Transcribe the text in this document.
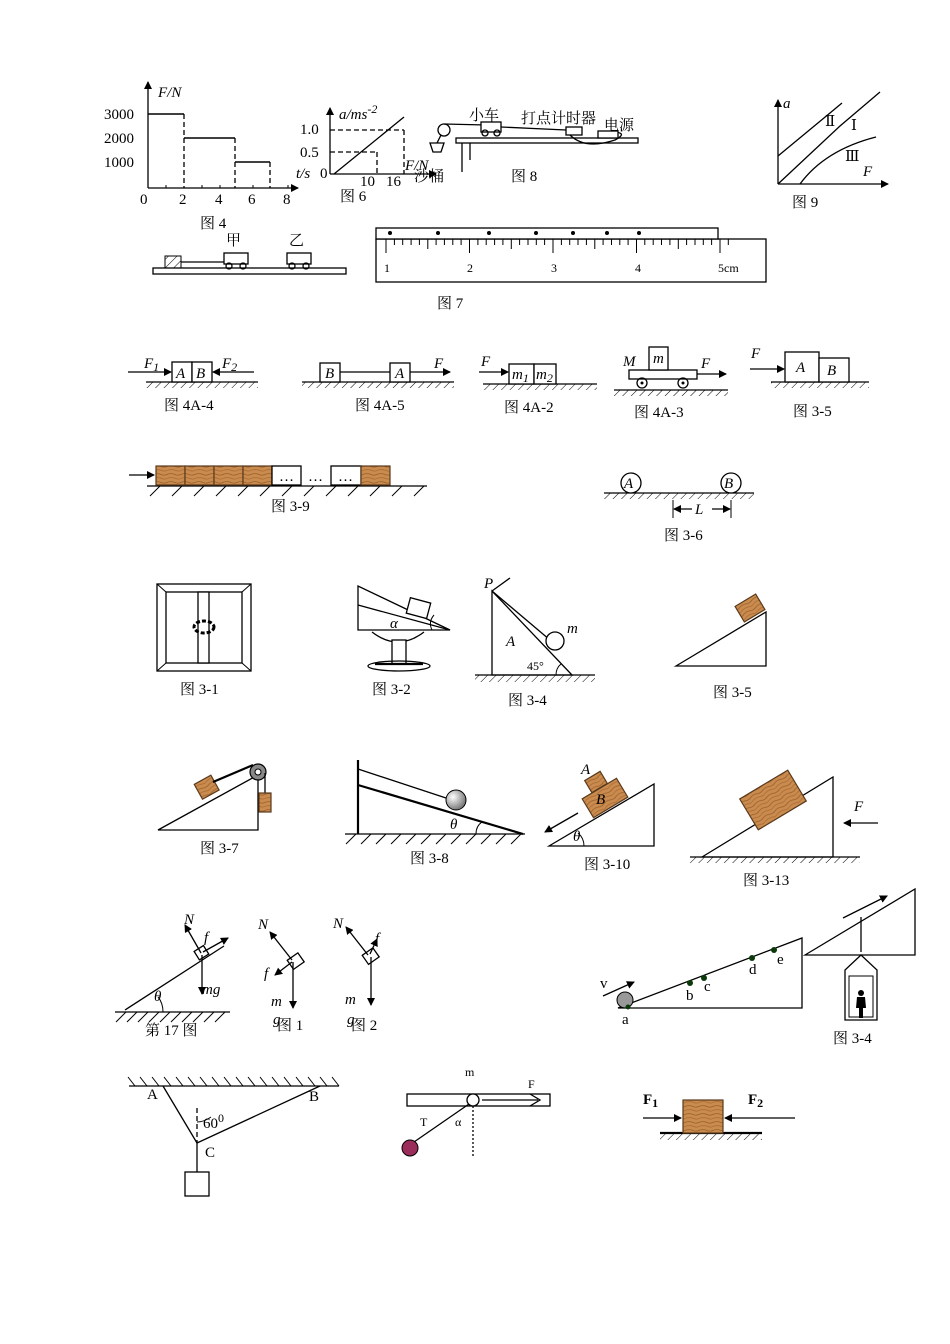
F/N
3000
2000
1000
0 2 4 6 8
图 4
$a/ms^{-2}$
1.0
0.5
t/s 0 10 16
F/N
图 6
小车 打点计时器 电源
沙桶	图 8
a
F
Ⅱ Ⅰ
Ⅲ
图 9
甲	乙
1	2	3	4	5cm
图 7
A B
$F_1$	$F_2$
图 4A-4
B	A
F
图 4A-5
F
$m_1$ $m_2$
图 4A-2
M m F
图 4A-3
F
A B
图 3-5
… … …
图 3-9
A	B
L
图 3-6
图 3-1
α
图 3-2
P
A
m
45°
图 3-4	图 3-5
图 3-7
θ
图 3-8
A
B
θ
图 3-10
F
图 3-13
N
f
mg
θ
第 17 图
N
f
m
g
图 1
N
f
m
g
图 2
v
a
b
c
d
e
图 3-4
A	B
C
$60^0$
m
F
T α
$F_1$	$F_2$
